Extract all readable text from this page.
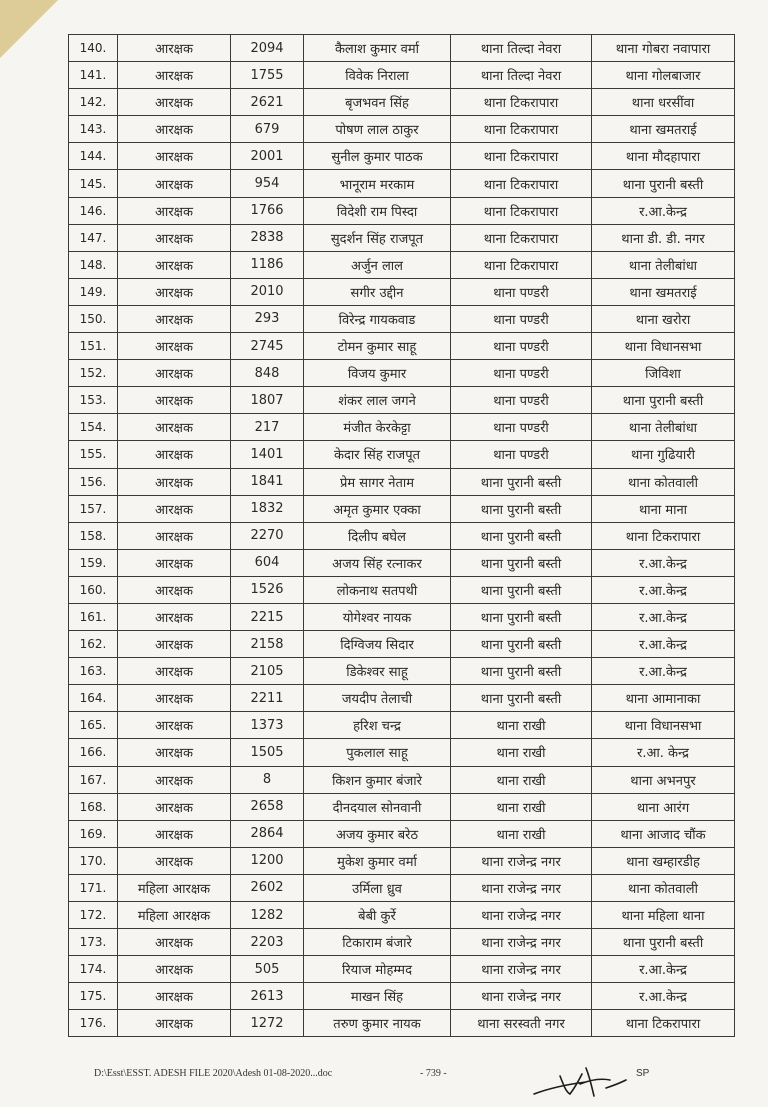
140.	आरक्षक	2094	कैलाश कुमार वर्मा	थाना तिल्दा नेवरा	थाना गोबरा नवापारा
141.	आरक्षक	1755	विवेक निराला	थाना तिल्दा नेवरा	थाना गोलबाजार
142.	आरक्षक	2621	बृजभवन सिंह	थाना टिकरापारा	थाना धरसींवा
143.	आरक्षक	679	पोषण लाल ठाकुर	थाना टिकरापारा	थाना खमतराई
144.	आरक्षक	2001	सुनील कुमार पाठक	थाना टिकरापारा	थाना मौदहापारा
145.	आरक्षक	954	भानूराम मरकाम	थाना टिकरापारा	थाना पुरानी बस्ती
146.	आरक्षक	1766	विदेशी राम पिस्दा	थाना टिकरापारा	र.आ.केन्द्र
147.	आरक्षक	2838	सुदर्शन सिंह राजपूत	थाना टिकरापारा	थाना डी. डी. नगर
148.	आरक्षक	1186	अर्जुन लाल	थाना टिकरापारा	थाना तेलीबांधा
149.	आरक्षक	2010	सगीर उद्दीन	थाना पण्डरी	थाना खमतराई
150.	आरक्षक	293	विरेन्द्र गायकवाड	थाना पण्डरी	थाना खरोरा
151.	आरक्षक	2745	टोमन कुमार साहू	थाना पण्डरी	थाना विधानसभा
152.	आरक्षक	848	विजय कुमार	थाना पण्डरी	जिविशा
153.	आरक्षक	1807	शंकर लाल जगने	थाना पण्डरी	थाना पुरानी बस्ती
154.	आरक्षक	217	मंजीत केरकेट्टा	थाना पण्डरी	थाना तेलीबांधा
155.	आरक्षक	1401	केदार सिंह राजपूत	थाना पण्डरी	थाना गुढियारी
156.	आरक्षक	1841	प्रेम सागर नेताम	थाना पुरानी बस्ती	थाना कोतवाली
157.	आरक्षक	1832	अमृत कुमार एक्का	थाना पुरानी बस्ती	थाना माना
158.	आरक्षक	2270	दिलीप बघेल	थाना पुरानी बस्ती	थाना टिकरापारा
159.	आरक्षक	604	अजय सिंह रत्नाकर	थाना पुरानी बस्ती	र.आ.केन्द्र
160.	आरक्षक	1526	लोकनाथ सतपथी	थाना पुरानी बस्ती	र.आ.केन्द्र
161.	आरक्षक	2215	योगेश्वर नायक	थाना पुरानी बस्ती	र.आ.केन्द्र
162.	आरक्षक	2158	दिग्विजय सिदार	थाना पुरानी बस्ती	र.आ.केन्द्र
163.	आरक्षक	2105	डिकेश्वर साहू	थाना पुरानी बस्ती	र.आ.केन्द्र
164.	आरक्षक	2211	जयदीप तेलाची	थाना पुरानी बस्ती	थाना आमानाका
165.	आरक्षक	1373	हरिश चन्द्र	थाना राखी	थाना विधानसभा
166.	आरक्षक	1505	पुकलाल साहू	थाना राखी	र.आ. केन्द्र
167.	आरक्षक	8	किशन कुमार बंजारे	थाना राखी	थाना अभनपुर
168.	आरक्षक	2658	दीनदयाल सोनवानी	थाना राखी	थाना आरंग
169.	आरक्षक	2864	अजय कुमार बरेठ	थाना राखी	थाना आजाद चौंक
170.	आरक्षक	1200	मुकेश कुमार वर्मा	थाना राजेन्द्र नगर	थाना खम्हारडीह
171.	महिला आरक्षक	2602	उर्मिला ध्रुव	थाना राजेन्द्र नगर	थाना कोतवाली
172.	महिला आरक्षक	1282	बेबी कुर्रे	थाना राजेन्द्र नगर	थाना महिला थाना
173.	आरक्षक	2203	टिकाराम बंजारे	थाना राजेन्द्र नगर	थाना पुरानी बस्ती
174.	आरक्षक	505	रियाज मोहम्मद	थाना राजेन्द्र नगर	र.आ.केन्द्र
175.	आरक्षक	2613	माखन सिंह	थाना राजेन्द्र नगर	र.आ.केन्द्र
176.	आरक्षक	1272	तरुण कुमार नायक	थाना सरस्वती नगर	थाना टिकरापारा
D:\Esst\ESST. ADESH FILE 2020\Adesh 01-08-2020...doc	- 739 -	SP
